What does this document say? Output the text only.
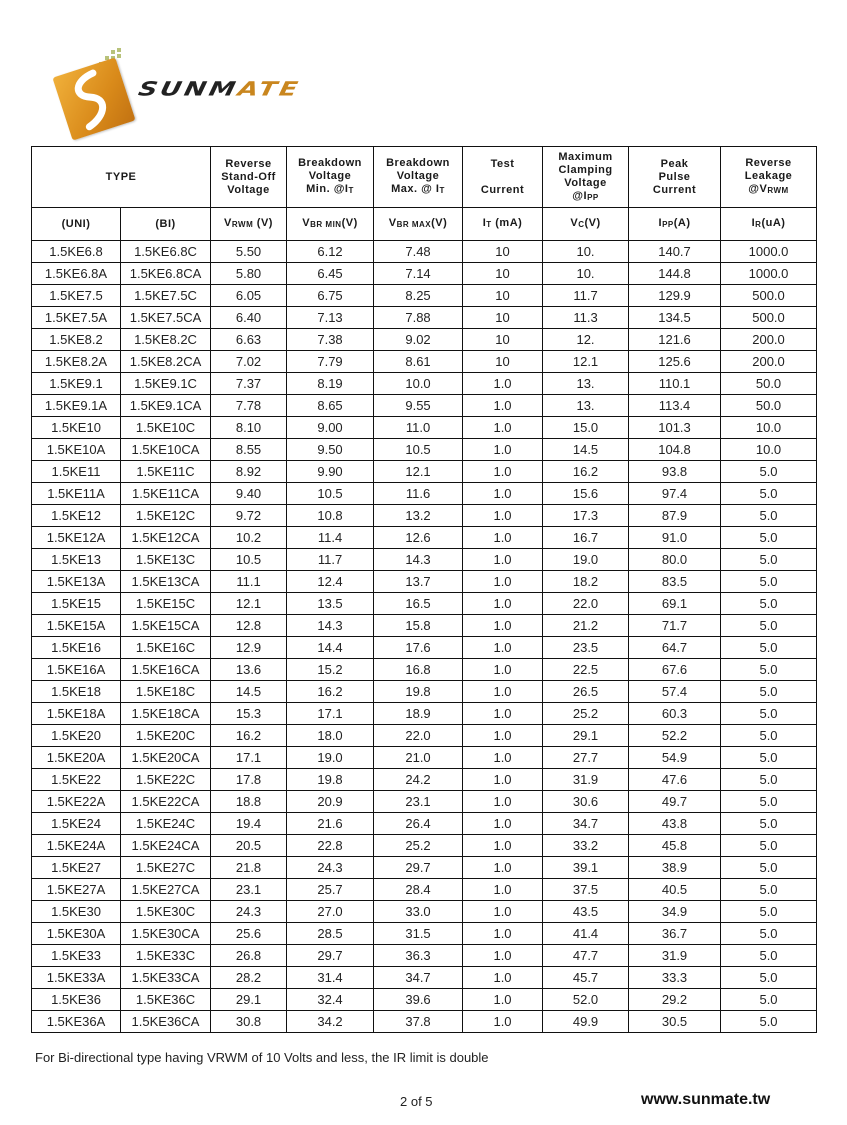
SUNMATE
TYPE		Reverse
Stand-Off
Voltage	Breakdown
Voltage
Min. @IT	Breakdown
Voltage
Max. @ IT	Test

Current	Maximum
Clamping
Voltage
@IPP	Peak
Pulse
Current	Reverse
Leakage
@VRWM
(UNI)	(BI)	VRWM (V)	VBR MIN(V)	VBR MAX(V)	IT (mA)	VC(V)	IPP(A)	IR(uA)
1.5KE6.8	1.5KE6.8C	5.50	6.12	7.48	10	10.	140.7	1000.0
1.5KE6.8A	1.5KE6.8CA	5.80	6.45	7.14	10	10.	144.8	1000.0
1.5KE7.5	1.5KE7.5C	6.05	6.75	8.25	10	11.7	129.9	500.0
1.5KE7.5A	1.5KE7.5CA	6.40	7.13	7.88	10	11.3	134.5	500.0
1.5KE8.2	1.5KE8.2C	6.63	7.38	9.02	10	12.	121.6	200.0
1.5KE8.2A	1.5KE8.2CA	7.02	7.79	8.61	10	12.1	125.6	200.0
1.5KE9.1	1.5KE9.1C	7.37	8.19	10.0	1.0	13.	110.1	50.0
1.5KE9.1A	1.5KE9.1CA	7.78	8.65	9.55	1.0	13.	113.4	50.0
1.5KE10	1.5KE10C	8.10	9.00	11.0	1.0	15.0	101.3	10.0
1.5KE10A	1.5KE10CA	8.55	9.50	10.5	1.0	14.5	104.8	10.0
1.5KE11	1.5KE11C	8.92	9.90	12.1	1.0	16.2	93.8	5.0
1.5KE11A	1.5KE11CA	9.40	10.5	11.6	1.0	15.6	97.4	5.0
1.5KE12	1.5KE12C	9.72	10.8	13.2	1.0	17.3	87.9	5.0
1.5KE12A	1.5KE12CA	10.2	11.4	12.6	1.0	16.7	91.0	5.0
1.5KE13	1.5KE13C	10.5	11.7	14.3	1.0	19.0	80.0	5.0
1.5KE13A	1.5KE13CA	11.1	12.4	13.7	1.0	18.2	83.5	5.0
1.5KE15	1.5KE15C	12.1	13.5	16.5	1.0	22.0	69.1	5.0
1.5KE15A	1.5KE15CA	12.8	14.3	15.8	1.0	21.2	71.7	5.0
1.5KE16	1.5KE16C	12.9	14.4	17.6	1.0	23.5	64.7	5.0
1.5KE16A	1.5KE16CA	13.6	15.2	16.8	1.0	22.5	67.6	5.0
1.5KE18	1.5KE18C	14.5	16.2	19.8	1.0	26.5	57.4	5.0
1.5KE18A	1.5KE18CA	15.3	17.1	18.9	1.0	25.2	60.3	5.0
1.5KE20	1.5KE20C	16.2	18.0	22.0	1.0	29.1	52.2	5.0
1.5KE20A	1.5KE20CA	17.1	19.0	21.0	1.0	27.7	54.9	5.0
1.5KE22	1.5KE22C	17.8	19.8	24.2	1.0	31.9	47.6	5.0
1.5KE22A	1.5KE22CA	18.8	20.9	23.1	1.0	30.6	49.7	5.0
1.5KE24	1.5KE24C	19.4	21.6	26.4	1.0	34.7	43.8	5.0
1.5KE24A	1.5KE24CA	20.5	22.8	25.2	1.0	33.2	45.8	5.0
1.5KE27	1.5KE27C	21.8	24.3	29.7	1.0	39.1	38.9	5.0
1.5KE27A	1.5KE27CA	23.1	25.7	28.4	1.0	37.5	40.5	5.0
1.5KE30	1.5KE30C	24.3	27.0	33.0	1.0	43.5	34.9	5.0
1.5KE30A	1.5KE30CA	25.6	28.5	31.5	1.0	41.4	36.7	5.0
1.5KE33	1.5KE33C	26.8	29.7	36.3	1.0	47.7	31.9	5.0
1.5KE33A	1.5KE33CA	28.2	31.4	34.7	1.0	45.7	33.3	5.0
1.5KE36	1.5KE36C	29.1	32.4	39.6	1.0	52.0	29.2	5.0
1.5KE36A	1.5KE36CA	30.8	34.2	37.8	1.0	49.9	30.5	5.0
For Bi-directional type having VRWM of 10 Volts and less, the IR limit is double
2 of 5	www.sunmate.tw
